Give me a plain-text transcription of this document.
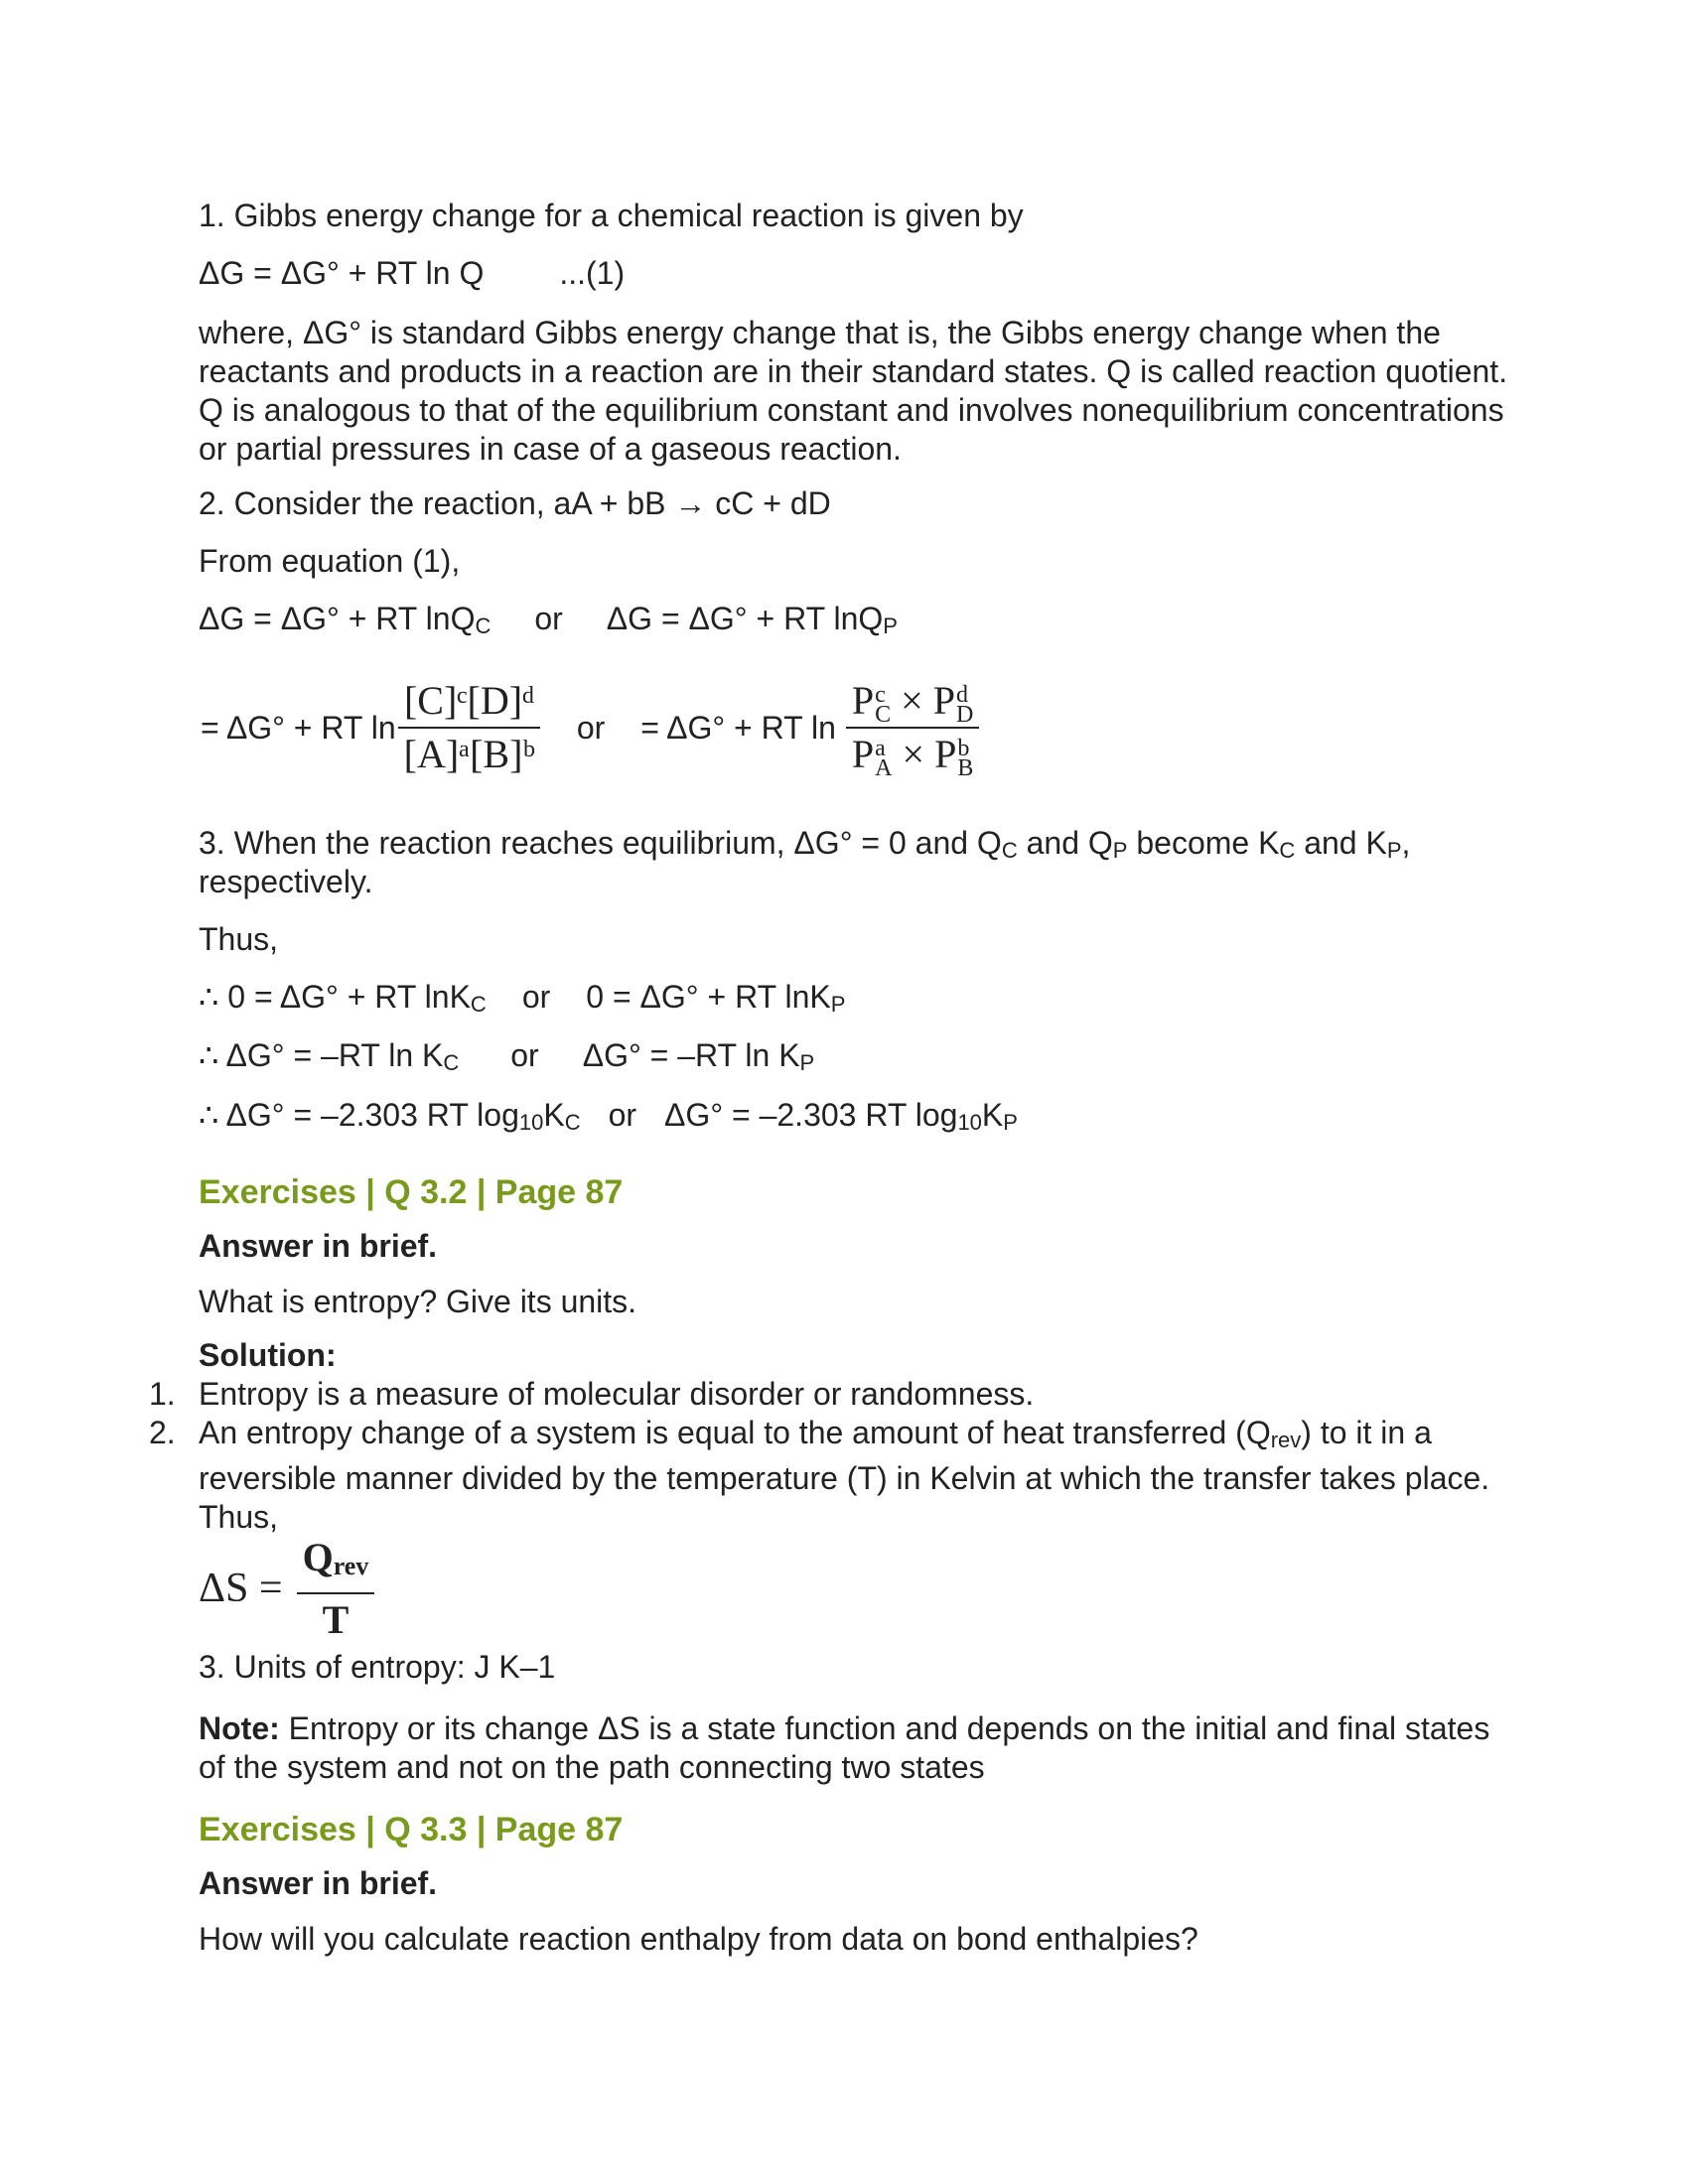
1. Gibbs energy change for a chemical reaction is given by
ΔG = ΔG° + RT ln Q ...(1)
where, ΔG° is standard Gibbs energy change that is, the Gibbs energy change when the reactants and products in a reaction are in their standard states. Q is called reaction quotient. Q is analogous to that of the equilibrium constant and involves nonequilibrium concentrations or partial pressures in case of a gaseous reaction.
2. Consider the reaction, aA + bB → cC + dD
From equation (1),
ΔG = ΔG° + RT lnQC or ΔG = ΔG° + RT lnQP
= ΔG° + RT $\ln \frac{\text{[C]ᶜ[D]ᵈ}}{\text{[A]ᵃ[B]ᵇ}}$ or = ΔG° + RT ln P c
C × P d
D
P a
A × P b
B
3. When the reaction reaches equilibrium, ΔG° = 0 and QC and QP become KC and KP,
respectively.
Thus,
∴ 0 = ΔG° + RT lnKC or 0 = ΔG° + RT lnKP
∴ ΔG° = –RT ln KC or ΔG° = –RT ln KP
∴ ΔG° = –2.303 RT log10KC or ΔG° = –2.303 RT log10KP
Exercises | Q 3.2 | Page 87
Answer in brief.
What is entropy? Give its units.
Solution:
1. Entropy is a measure of molecular disorder or randomness.
2. An entropy change of a system is equal to the amount of heat transferred (Qrev) to it in a reversible manner divided by the temperature (T) in Kelvin at which the transfer takes place. Thus,
$\Delta S = \frac{\text{Qrev}}{T}$
3. Units of entropy: J K–1
Note: Entropy or its change ΔS is a state function and depends on the initial and final states of the system and not on the path connecting two states
Exercises | Q 3.3 | Page 87
Answer in brief.
How will you calculate reaction enthalpy from data on bond enthalpies?
